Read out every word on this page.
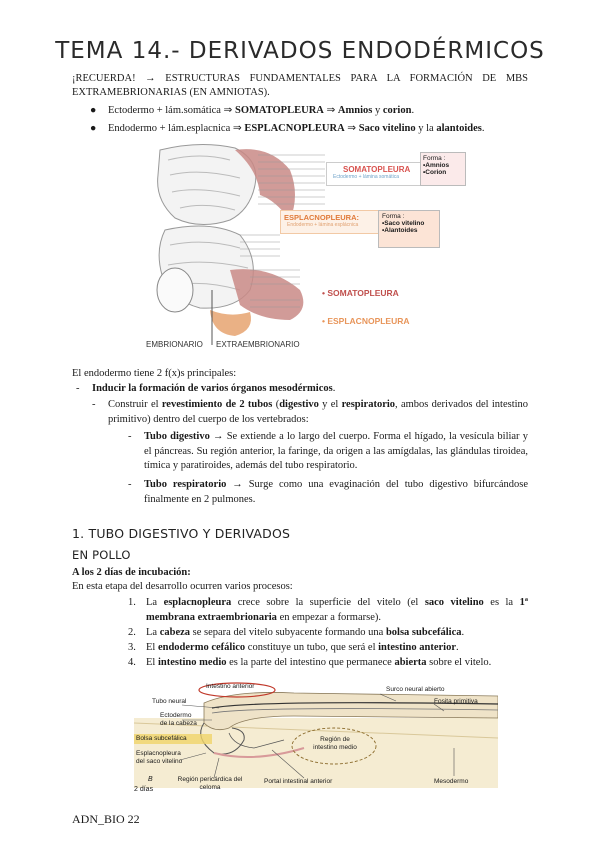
TEMA 14.- DERIVADOS ENDODÉRMICOS
¡RECUERDA! → ESTRUCTURAS FUNDAMENTALES PARA LA FORMACIÓN DE MBS EXTRAMEBRIONARIAS (EN AMNIOTAS).
● Ectodermo + lám.somática ⇒ SOMATOPLEURA ⇒ Amnios y corion.
● Endodermo + lám.esplacnica ⇒ ESPLACNOPLEURA ⇒ Saco vitelino y la alantoides.
SOMATOPLEURA
Ectodermo + lámina somática
Forma :
•Amnios
•Corion
ESPLACNOPLEURA:
Endodermo + lámina esplácnica
Forma :
•Saco vitelino
•Alantoides
• SOMATOPLEURA
• ESPLACNOPLEURA
EMBRIONARIO EXTRAEMBRIONARIO
El endodermo tiene 2 f(x)s principales:
- Inducir la formación de varios órganos mesodérmicos.
- Construir el revestimiento de 2 tubos (digestivo y el respiratorio, ambos derivados del intestino primitivo) dentro del cuerpo de los vertebrados:
- Tubo digestivo → Se extiende a lo largo del cuerpo. Forma el hígado, la vesícula biliar y el páncreas. Su región anterior, la faringe, da origen a las amígdalas, las glándulas tiroidea, tímica y paratiroides, además del tubo respiratorio.
- Tubo respiratorio → Surge como una evaginación del tubo digestivo bifurcándose finalmente en 2 pulmones.
1. TUBO DIGESTIVO Y DERIVADOS
EN POLLO
A los 2 días de incubación:
En esta etapa del desarrollo ocurren varios procesos:
1. La esplacnopleura crece sobre la superficie del vitelo (el saco vitelino es la 1ª membrana extraembrionaria en empezar a formarse).
2. La cabeza se separa del vitelo subyacente formando una bolsa subcefálica.
3. El endodermo cefálico constituye un tubo, que será el intestino anterior.
4. El intestino medio es la parte del intestino que permanece abierta sobre el vitelo.
Intestino anterior
Tubo neural
Ectodermo de la cabeza
Bolsa subcefálica
Esplacnopleura del saco vitelino
Surco neural abierto
Fosita primitiva
Región de intestino medio
Mesodermo
Portal intestinal anterior
Región pericárdica del celoma
2 días
B
ADN_BIO 22
